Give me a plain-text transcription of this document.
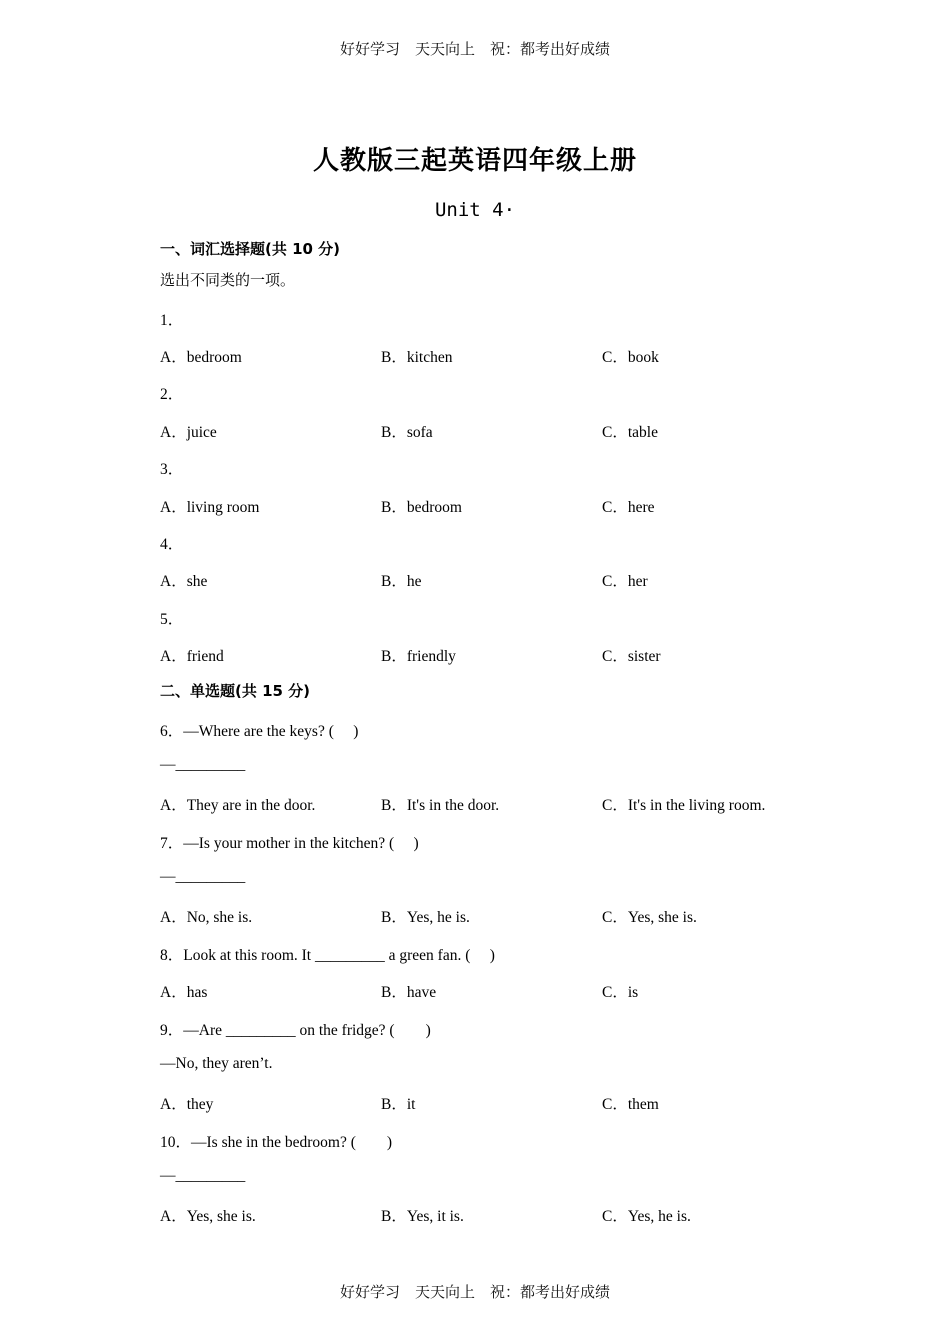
好好学习　天天向上　祝：都考出好成绩
人教版三起英语四年级上册
Unit 4·
一、词汇选择题(共 10 分)
选出不同类的一项。
1．
A．bedroom	B．kitchen	C．book
2．
A．juice	B．sofa	C．table
3．
A．living room	B．bedroom	C．here
4．
A．she	B．he	C．her
5．
A．friend	B．friendly	C．sister
二、单选题(共 15 分)
6．—Where are the keys? (　 )
—_________
A．They are in the door.	B．It's in the door.	C．It's in the living room.
7．—Is your mother in the kitchen? (　 )
—_________
A．No, she is.	B．Yes, he is.	C．Yes, she is.
8．Look at this room. It _________ a green fan. (　 )
A．has	B．have	C．is
9．—Are _________ on the fridge? (　　)
—No, they aren’t.
A．they	B．it	C．them
10．—Is she in the bedroom? (　　)
—_________
A．Yes, she is.	B．Yes, it is.	C．Yes, he is.
好好学习　天天向上　祝：都考出好成绩
